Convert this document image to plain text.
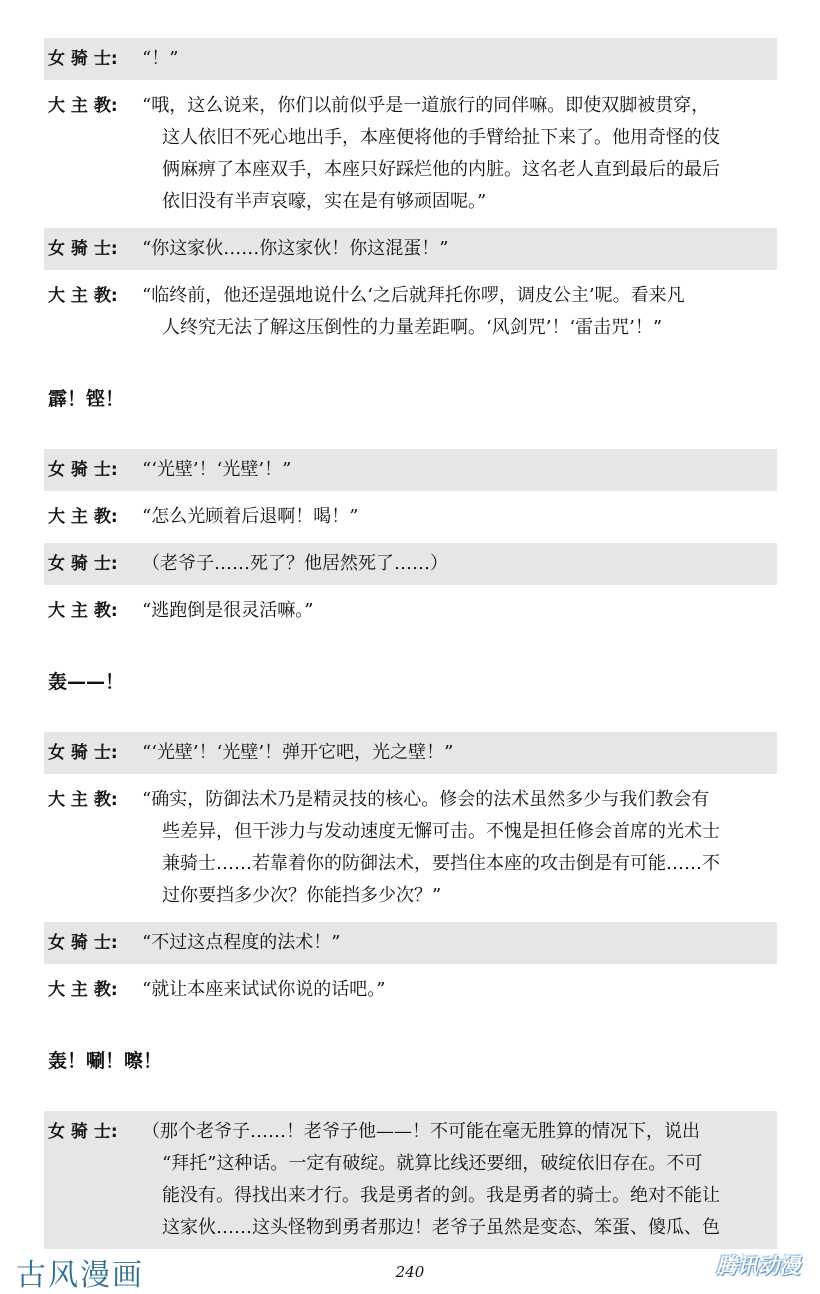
女 骑 士:	“！”
大 主 教:	“哦，这么说来，你们以前似乎是一道旅行的同伴嘛。即使双脚被贯穿，
这人依旧不死心地出手，本座便将他的手臂给扯下来了。他用奇怪的伎
俩麻痹了本座双手，本座只好踩烂他的内脏。这名老人直到最后的最后
依旧没有半声哀嚎，实在是有够顽固呢。”
女 骑 士:	“你这家伙……你这家伙！你这混蛋！”
大 主 教:	“临终前，他还逞强地说什么‘之后就拜托你啰，调皮公主’呢。看来凡
人终究无法了解这压倒性的力量差距啊。‘风剑咒’！‘雷击咒’！”
霹！铿！
女 骑 士:	“‘光壁’！‘光壁’！”
大 主 教:	“怎么光顾着后退啊！喝！”
女 骑 士:	（老爷子……死了？他居然死了……）
大 主 教:	“逃跑倒是很灵活嘛。”
轰——！
女 骑 士:	“‘光壁’！‘光壁’！弹开它吧，光之壁！”
大 主 教:	“确实，防御法术乃是精灵技的核心。修会的法术虽然多少与我们教会有
些差异，但干涉力与发动速度无懈可击。不愧是担任修会首席的光术士
兼骑士……若靠着你的防御法术，要挡住本座的攻击倒是有可能……不
过你要挡多少次？你能挡多少次？”
女 骑 士:	“不过这点程度的法术！”
大 主 教:	“就让本座来试试你说的话吧。”
轰！唰！嚓！
女 骑 士:	（那个老爷子……！老爷子他——！不可能在毫无胜算的情况下，说出
“拜托”这种话。一定有破绽。就算比线还要细，破绽依旧存在。不可
能没有。得找出来才行。我是勇者的剑。我是勇者的骑士。绝对不能让
这家伙……这头怪物到勇者那边！老爷子虽然是变态、笨蛋、傻瓜、色
240
古风漫画	腾讯动漫
